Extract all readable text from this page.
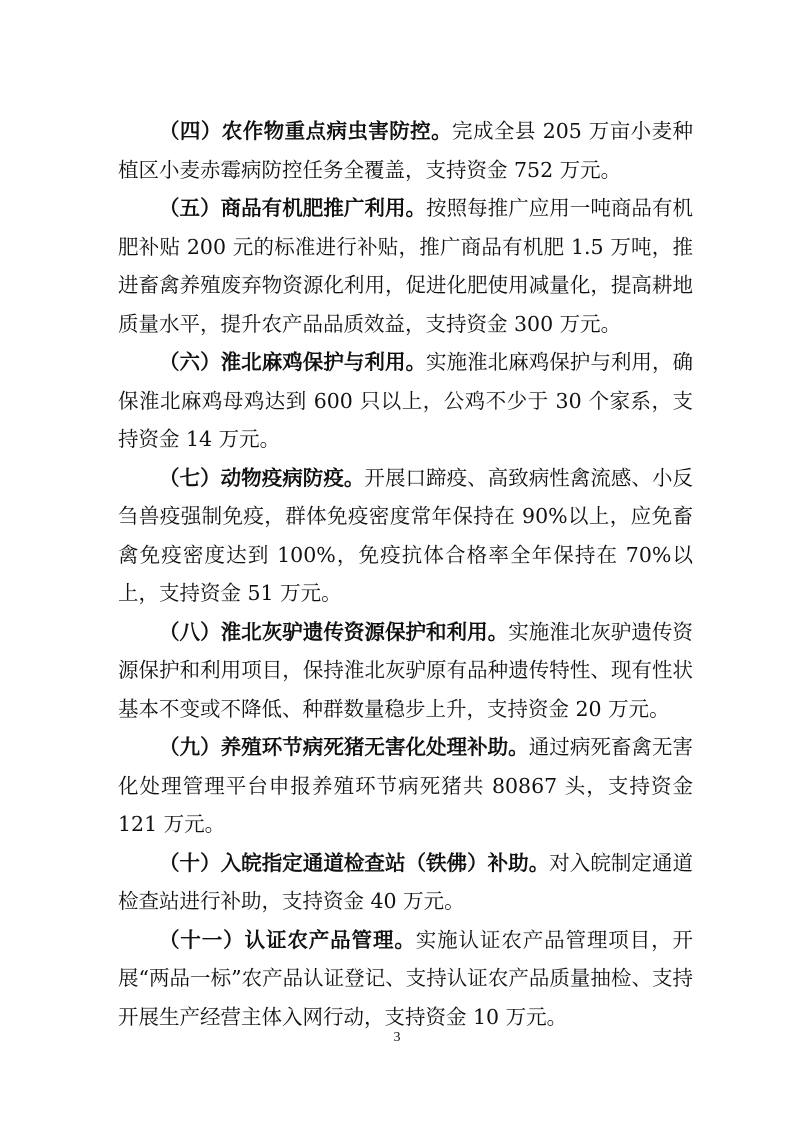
（四）农作物重点病虫害防控。完成全县 205 万亩小麦种植区小麦赤霉病防控任务全覆盖，支持资金 752 万元。

（五）商品有机肥推广利用。按照每推广应用一吨商品有机肥补贴 200 元的标准进行补贴，推广商品有机肥 1.5 万吨，推进畜禽养殖废弃物资源化利用，促进化肥使用减量化，提高耕地质量水平，提升农产品品质效益，支持资金 300 万元。

（六）淮北麻鸡保护与利用。实施淮北麻鸡保护与利用，确保淮北麻鸡母鸡达到 600 只以上，公鸡不少于 30 个家系，支持资金 14 万元。

（七）动物疫病防疫。开展口蹄疫、高致病性禽流感、小反刍兽疫强制免疫，群体免疫密度常年保持在 90%以上，应免畜禽免疫密度达到 100%，免疫抗体合格率全年保持在 70%以上，支持资金 51 万元。

（八）淮北灰驴遗传资源保护和利用。实施淮北灰驴遗传资源保护和利用项目，保持淮北灰驴原有品种遗传特性、现有性状基本不变或不降低、种群数量稳步上升，支持资金 20 万元。

（九）养殖环节病死猪无害化处理补助。通过病死畜禽无害化处理管理平台申报养殖环节病死猪共 80867 头，支持资金 121 万元。

（十）入皖指定通道检查站（铁佛）补助。对入皖制定通道检查站进行补助，支持资金 40 万元。

（十一）认证农产品管理。实施认证农产品管理项目，开展“两品一标”农产品认证登记、支持认证农产品质量抽检、支持开展生产经营主体入网行动，支持资金 10 万元。

3
